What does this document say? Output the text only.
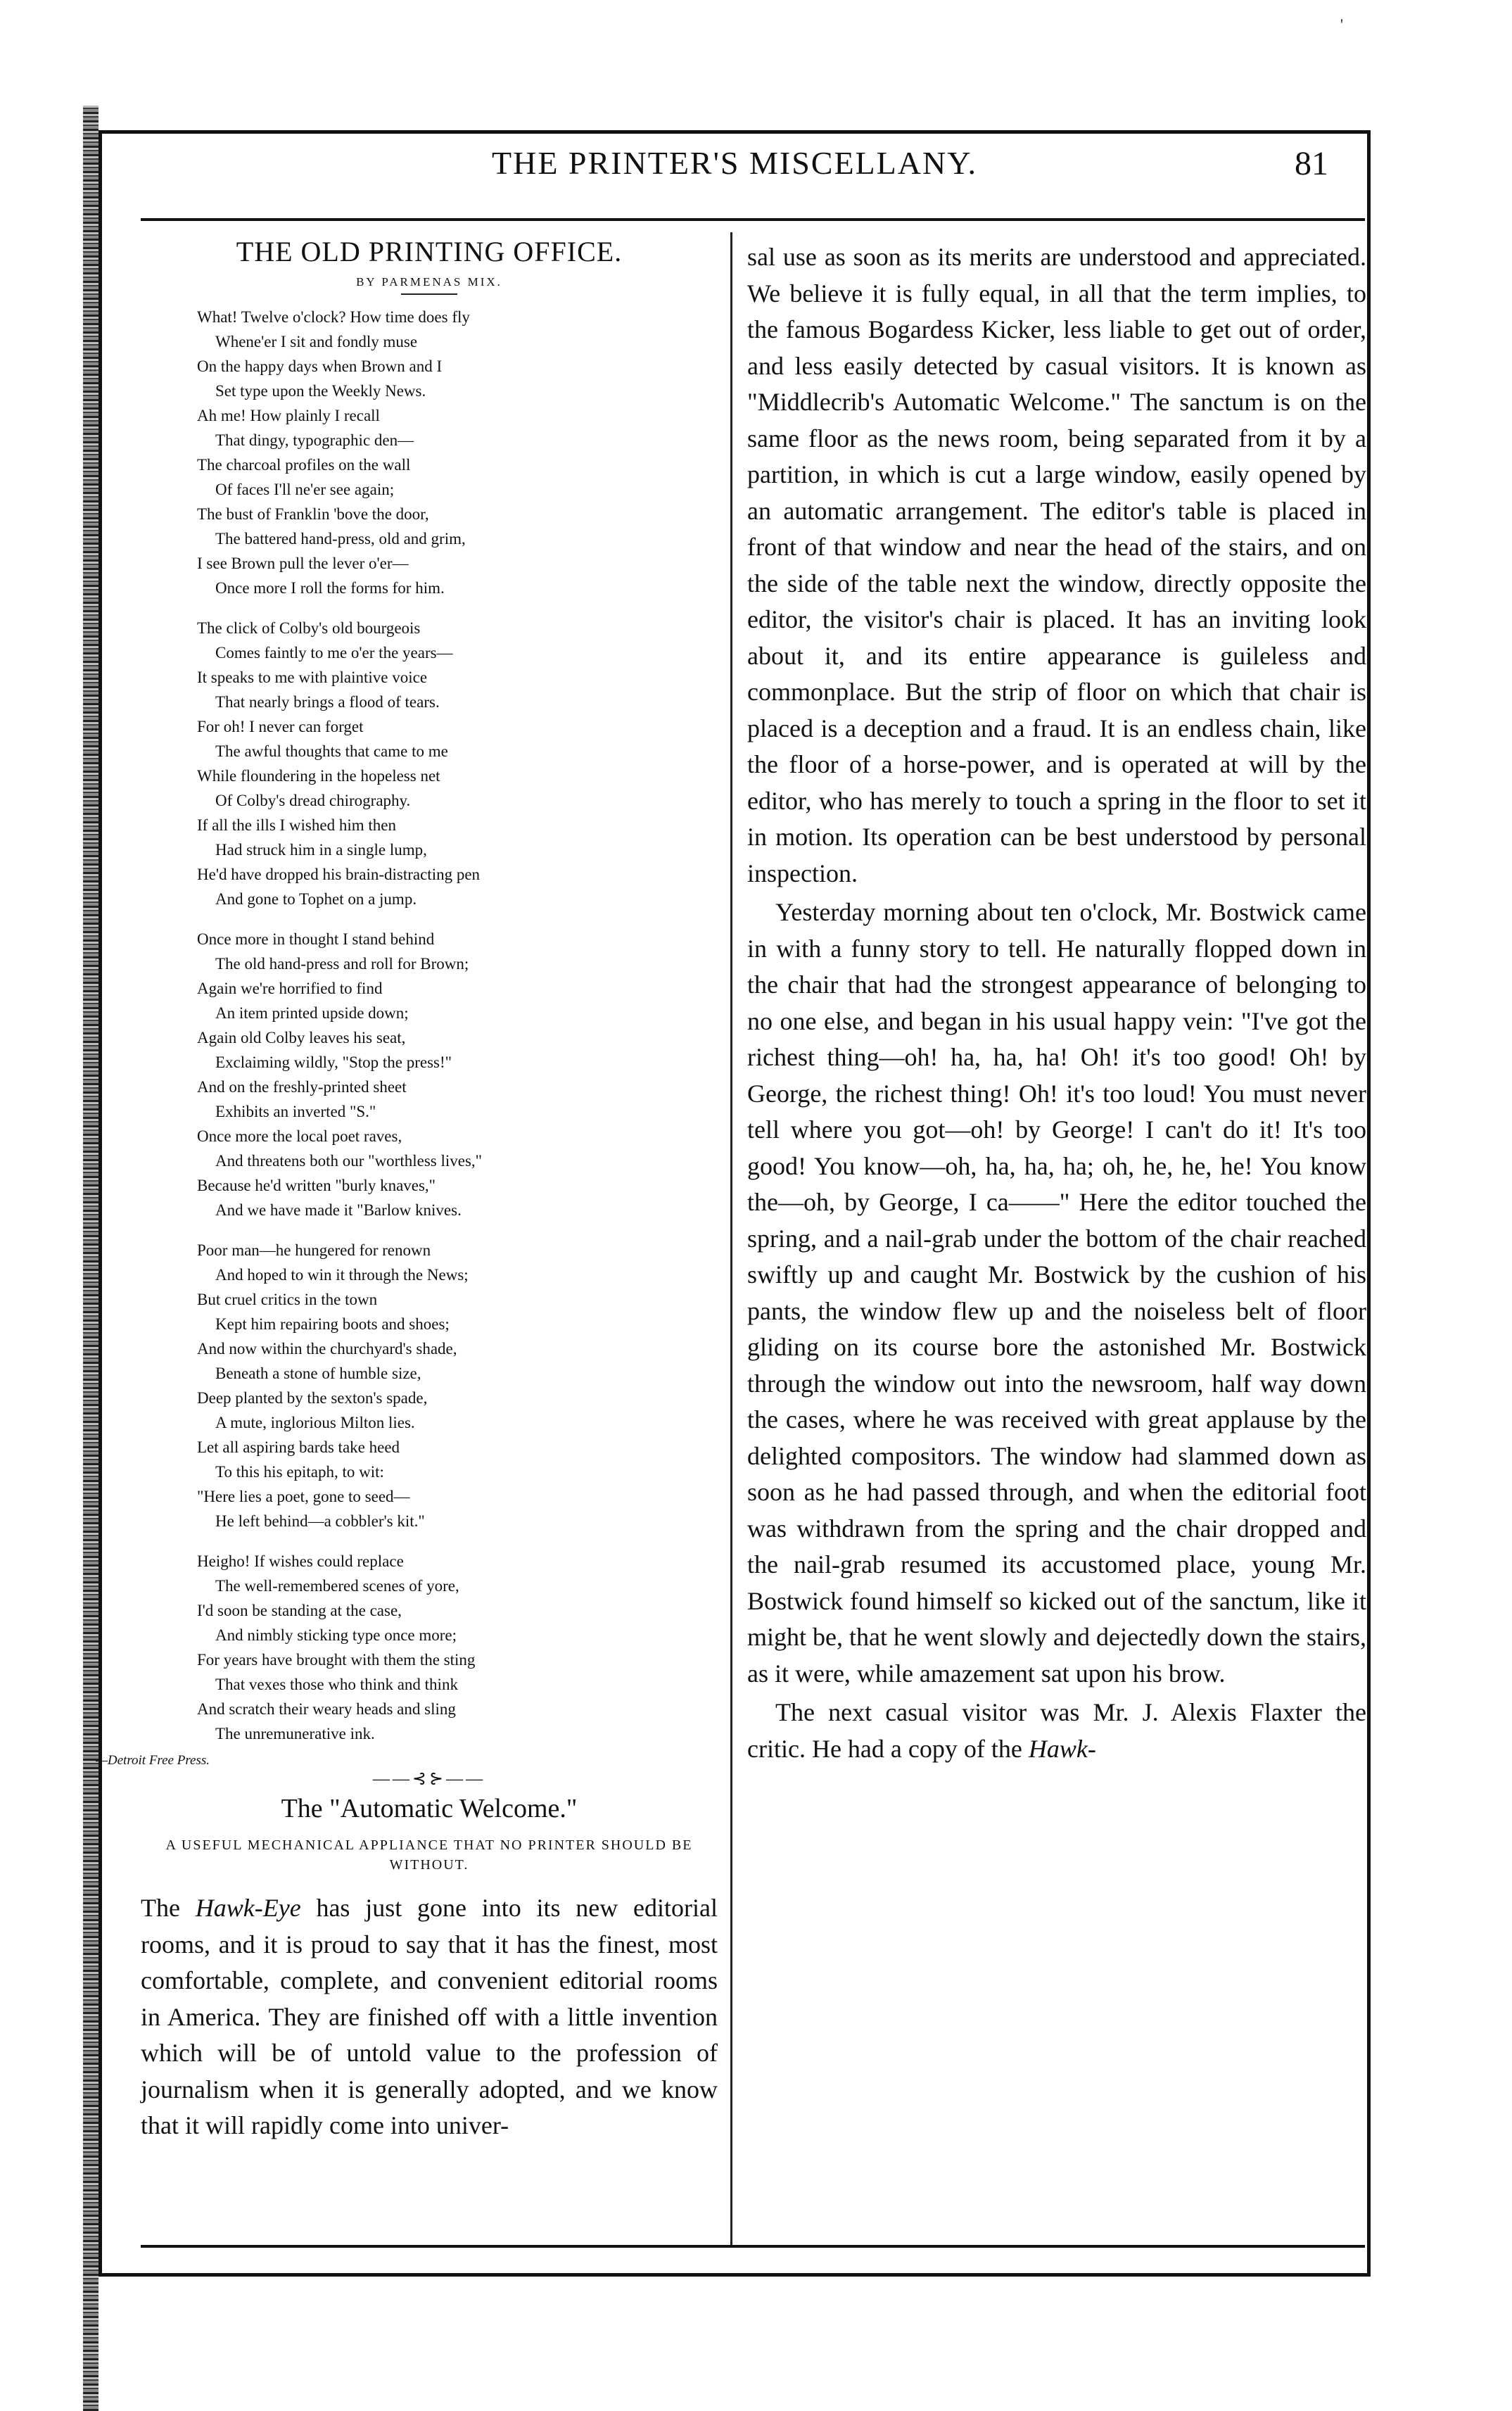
'
THE PRINTER'S MISCELLANY.	81
THE OLD PRINTING OFFICE.
BY PARMENAS MIX.
What! Twelve o'clock? How time does fly
Whene'er I sit and fondly muse
On the happy days when Brown and I
Set type upon the Weekly News.
Ah me! How plainly I recall
That dingy, typographic den—
The charcoal profiles on the wall
Of faces I'll ne'er see again;
The bust of Franklin 'bove the door,
The battered hand-press, old and grim,
I see Brown pull the lever o'er—
Once more I roll the forms for him.
The click of Colby's old bourgeois
Comes faintly to me o'er the years—
It speaks to me with plaintive voice
That nearly brings a flood of tears.
For oh! I never can forget
The awful thoughts that came to me
While floundering in the hopeless net
Of Colby's dread chirography.
If all the ills I wished him then
Had struck him in a single lump,
He'd have dropped his brain-distracting pen
And gone to Tophet on a jump.
Once more in thought I stand behind
The old hand-press and roll for Brown;
Again we're horrified to find
An item printed upside down;
Again old Colby leaves his seat,
Exclaiming wildly, "Stop the press!"
And on the freshly-printed sheet
Exhibits an inverted "S."
Once more the local poet raves,
And threatens both our "worthless lives,"
Because he'd written "burly knaves,"
And we have made it "Barlow knives.
Poor man—he hungered for renown
And hoped to win it through the News;
But cruel critics in the town
Kept him repairing boots and shoes;
And now within the churchyard's shade,
Beneath a stone of humble size,
Deep planted by the sexton's spade,
A mute, inglorious Milton lies.
Let all aspiring bards take heed
To this his epitaph, to wit:
"Here lies a poet, gone to seed—
He left behind—a cobbler's kit."
Heigho! If wishes could replace
The well-remembered scenes of yore,
I'd soon be standing at the case,
And nimbly sticking type once more;
For years have brought with them the sting
That vexes those who think and think
And scratch their weary heads and sling
The unremunerative ink.
—Detroit Free Press.
——⊰⊱——
The "Automatic Welcome."
A USEFUL MECHANICAL APPLIANCE THAT NO PRINTER SHOULD BE WITHOUT.

The Hawk-Eye has just gone into its new editorial rooms, and it is proud to say that it has the finest, most comfortable, complete, and convenient editorial rooms in America. They are finished off with a little invention which will be of untold value to the profession of journalism when it is generally adopted, and we know that it will rapidly come into univer-

sal use as soon as its merits are understood and appreciated. We believe it is fully equal, in all that the term implies, to the famous Bogardess Kicker, less liable to get out of order, and less easily detected by casual visitors. It is known as "Middlecrib's Automatic Welcome." The sanctum is on the same floor as the news room, being separated from it by a partition, in which is cut a large window, easily opened by an automatic arrangement. The editor's table is placed in front of that window and near the head of the stairs, and on the side of the table next the window, directly opposite the editor, the visitor's chair is placed. It has an inviting look about it, and its entire appearance is guileless and commonplace. But the strip of floor on which that chair is placed is a deception and a fraud. It is an endless chain, like the floor of a horse-power, and is operated at will by the editor, who has merely to touch a spring in the floor to set it in motion. Its operation can be best understood by personal inspection.

Yesterday morning about ten o'clock, Mr. Bostwick came in with a funny story to tell. He naturally flopped down in the chair that had the strongest appearance of belonging to no one else, and began in his usual happy vein: "I've got the richest thing—oh! ha, ha, ha! Oh! it's too good! Oh! by George, the richest thing! Oh! it's too loud! You must never tell where you got—oh! by George! I can't do it! It's too good! You know—oh, ha, ha, ha; oh, he, he, he! You know the—oh, by George, I ca——" Here the editor touched the spring, and a nail-grab under the bottom of the chair reached swiftly up and caught Mr. Bostwick by the cushion of his pants, the window flew up and the noiseless belt of floor gliding on its course bore the astonished Mr. Bostwick through the window out into the newsroom, half way down the cases, where he was received with great applause by the delighted compositors. The window had slammed down as soon as he had passed through, and when the editorial foot was withdrawn from the spring and the chair dropped and the nail-grab resumed its accustomed place, young Mr. Bostwick found himself so kicked out of the sanctum, like it might be, that he went slowly and dejectedly down the stairs, as it were, while amazement sat upon his brow.

The next casual visitor was Mr. J. Alexis Flaxter the critic. He had a copy of the Hawk-
